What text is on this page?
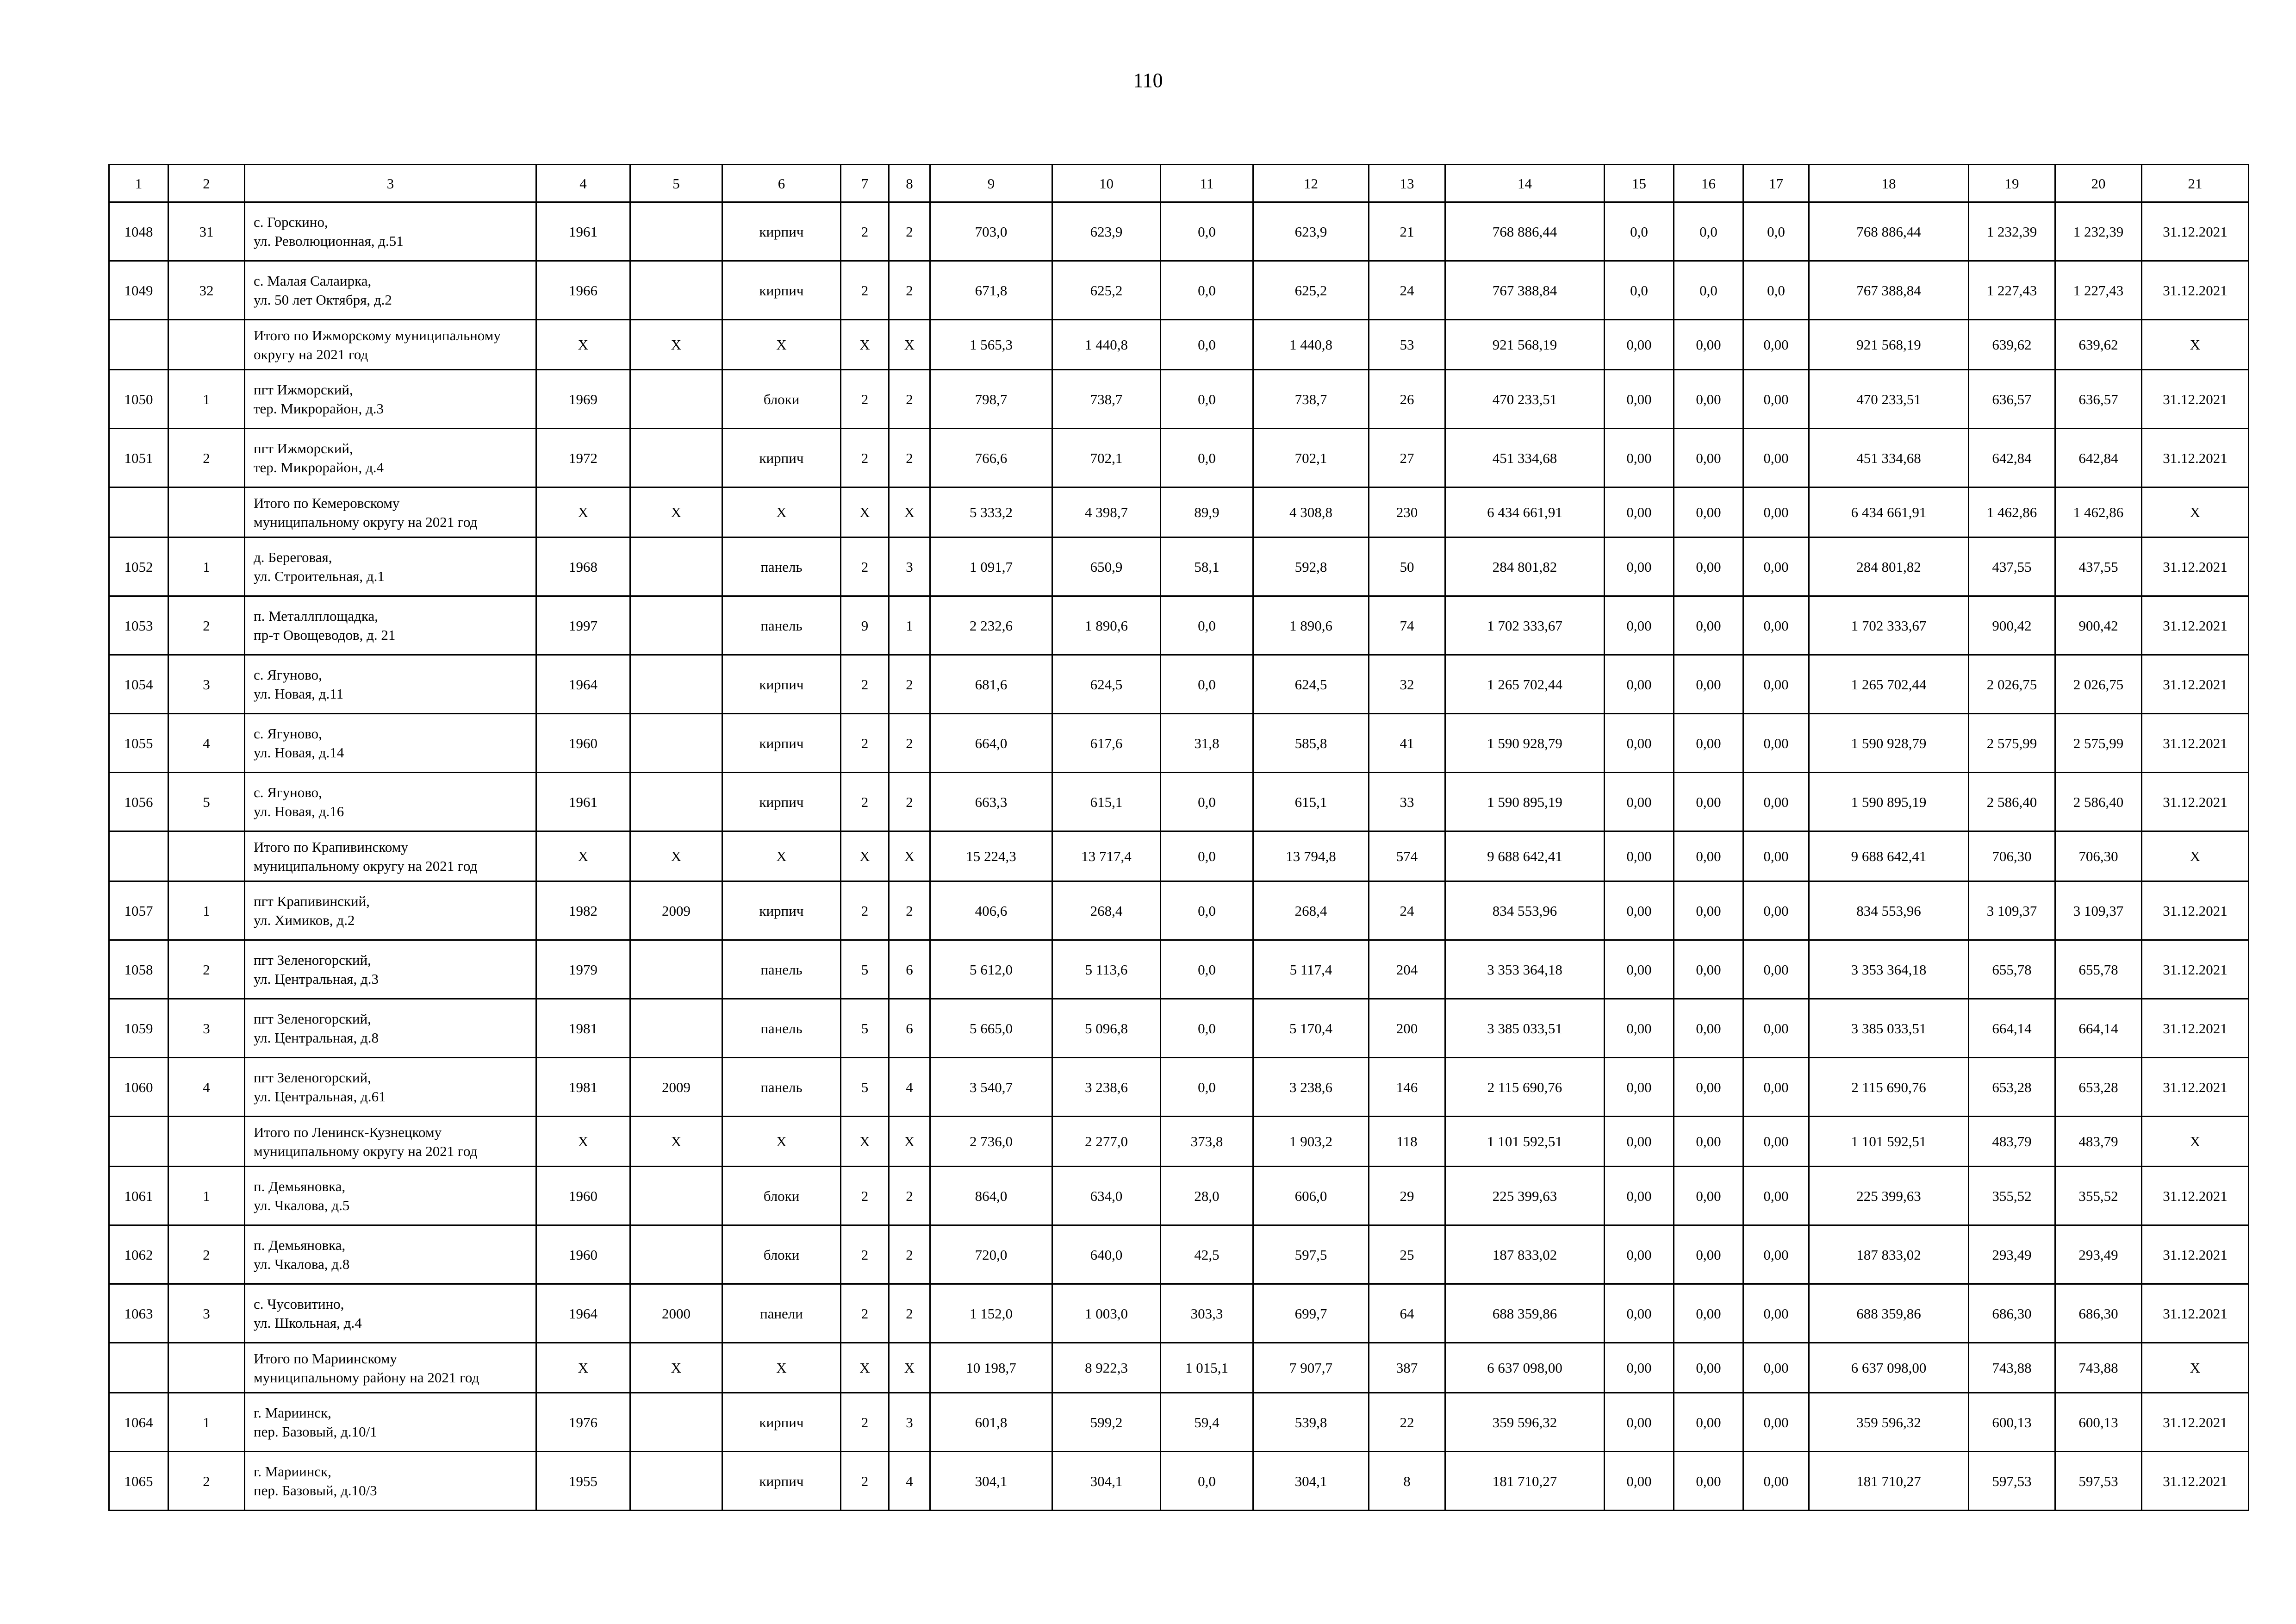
110
1	2	3	4	5	6	7	8	9	10	11	12	13	14	15	16	17	18	19	20	21
1048	31	с. Горскино,
ул. Революционная, д.51	1961		кирпич	2	2	703,0	623,9	0,0	623,9	21	768 886,44	0,0	0,0	0,0	768 886,44	1 232,39	1 232,39	31.12.2021
1049	32	с. Малая Салаирка,
ул. 50 лет Октября, д.2	1966		кирпич	2	2	671,8	625,2	0,0	625,2	24	767 388,84	0,0	0,0	0,0	767 388,84	1 227,43	1 227,43	31.12.2021

		Итого по Ижморскому муниципальному
округу на 2021 год	X	X	X	X	X	1 565,3	1 440,8	0,0	1 440,8	53	921 568,19	0,00	0,00	0,00	921 568,19	639,62	639,62	X
1050	1	пгт Ижморский,
тер. Микрорайон, д.3	1969		блоки	2	2	798,7	738,7	0,0	738,7	26	470 233,51	0,00	0,00	0,00	470 233,51	636,57	636,57	31.12.2021
1051	2	пгт Ижморский,
тер. Микрорайон, д.4	1972		кирпич	2	2	766,6	702,1	0,0	702,1	27	451 334,68	0,00	0,00	0,00	451 334,68	642,84	642,84	31.12.2021

		Итого по Кемеровскому
муниципальному округу на 2021 год	X	X	X	X	X	5 333,2	4 398,7	89,9	4 308,8	230	6 434 661,91	0,00	0,00	0,00	6 434 661,91	1 462,86	1 462,86	X
1052	1	д. Береговая,
ул. Строительная, д.1	1968		панель	2	3	1 091,7	650,9	58,1	592,8	50	284 801,82	0,00	0,00	0,00	284 801,82	437,55	437,55	31.12.2021
1053	2	п. Металлплощадка,
пр-т Овощеводов, д. 21	1997		панель	9	1	2 232,6	1 890,6	0,0	1 890,6	74	1 702 333,67	0,00	0,00	0,00	1 702 333,67	900,42	900,42	31.12.2021
1054	3	с. Ягуново,
ул. Новая, д.11	1964		кирпич	2	2	681,6	624,5	0,0	624,5	32	1 265 702,44	0,00	0,00	0,00	1 265 702,44	2 026,75	2 026,75	31.12.2021
1055	4	с. Ягуново,
ул. Новая, д.14	1960		кирпич	2	2	664,0	617,6	31,8	585,8	41	1 590 928,79	0,00	0,00	0,00	1 590 928,79	2 575,99	2 575,99	31.12.2021
1056	5	с. Ягуново,
ул. Новая, д.16	1961		кирпич	2	2	663,3	615,1	0,0	615,1	33	1 590 895,19	0,00	0,00	0,00	1 590 895,19	2 586,40	2 586,40	31.12.2021

		Итого по Крапивинскому
муниципальному округу на 2021 год	X	X	X	X	X	15 224,3	13 717,4	0,0	13 794,8	574	9 688 642,41	0,00	0,00	0,00	9 688 642,41	706,30	706,30	X
1057	1	пгт Крапивинский,
ул. Химиков, д.2	1982	2009	кирпич	2	2	406,6	268,4	0,0	268,4	24	834 553,96	0,00	0,00	0,00	834 553,96	3 109,37	3 109,37	31.12.2021
1058	2	пгт Зеленогорский,
ул. Центральная, д.3	1979		панель	5	6	5 612,0	5 113,6	0,0	5 117,4	204	3 353 364,18	0,00	0,00	0,00	3 353 364,18	655,78	655,78	31.12.2021
1059	3	пгт Зеленогорский,
ул. Центральная, д.8	1981		панель	5	6	5 665,0	5 096,8	0,0	5 170,4	200	3 385 033,51	0,00	0,00	0,00	3 385 033,51	664,14	664,14	31.12.2021
1060	4	пгт Зеленогорский,
ул. Центральная, д.61	1981	2009	панель	5	4	3 540,7	3 238,6	0,0	3 238,6	146	2 115 690,76	0,00	0,00	0,00	2 115 690,76	653,28	653,28	31.12.2021

		Итого по Ленинск-Кузнецкому
муниципальному округу на 2021 год	X	X	X	X	X	2 736,0	2 277,0	373,8	1 903,2	118	1 101 592,51	0,00	0,00	0,00	1 101 592,51	483,79	483,79	X
1061	1	п. Демьяновка,
ул. Чкалова, д.5	1960		блоки	2	2	864,0	634,0	28,0	606,0	29	225 399,63	0,00	0,00	0,00	225 399,63	355,52	355,52	31.12.2021
1062	2	п. Демьяновка,
ул. Чкалова, д.8	1960		блоки	2	2	720,0	640,0	42,5	597,5	25	187 833,02	0,00	0,00	0,00	187 833,02	293,49	293,49	31.12.2021
1063	3	с. Чусовитино,
ул. Школьная, д.4	1964	2000	панели	2	2	1 152,0	1 003,0	303,3	699,7	64	688 359,86	0,00	0,00	0,00	688 359,86	686,30	686,30	31.12.2021

		Итого по Мариинскому
муниципальному району на 2021 год	X	X	X	X	X	10 198,7	8 922,3	1 015,1	7 907,7	387	6 637 098,00	0,00	0,00	0,00	6 637 098,00	743,88	743,88	X
1064	1	г. Мариинск,
пер. Базовый, д.10/1	1976		кирпич	2	3	601,8	599,2	59,4	539,8	22	359 596,32	0,00	0,00	0,00	359 596,32	600,13	600,13	31.12.2021
1065	2	г. Мариинск,
пер. Базовый, д.10/3	1955		кирпич	2	4	304,1	304,1	0,0	304,1	8	181 710,27	0,00	0,00	0,00	181 710,27	597,53	597,53	31.12.2021
